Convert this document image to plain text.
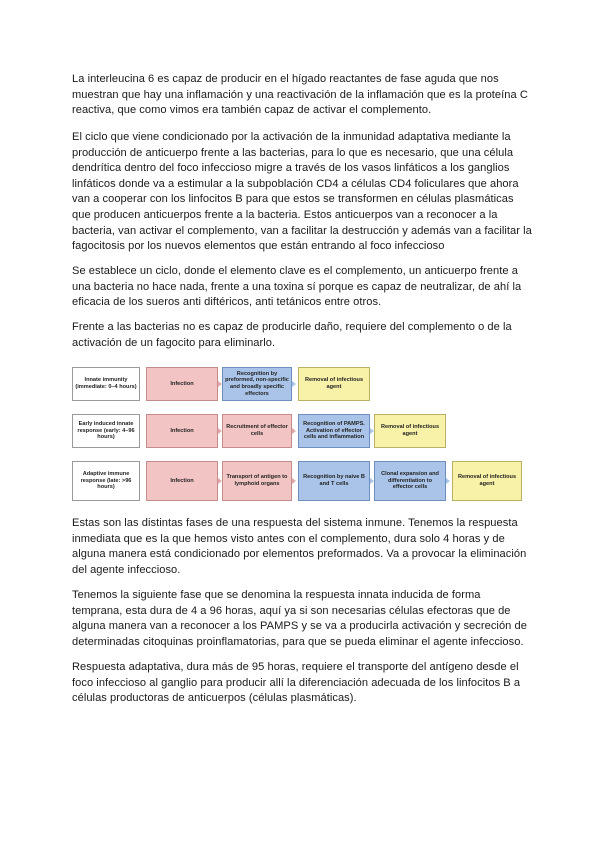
La interleucina 6 es capaz de producir en el hígado reactantes de fase aguda que nos muestran que hay una inflamación y una reactivación de la inflamación que es la proteína C reactiva, que como vimos era también capaz de activar el complemento.

El ciclo que viene condicionado por la activación de la inmunidad adaptativa mediante la producción de anticuerpo frente a las bacterias, para lo que es necesario, que una célula dendrítica dentro del foco infeccioso migre a través de los vasos linfáticos a los ganglios linfáticos donde va a estimular a la subpoblación CD4 a células CD4 foliculares que ahora van a cooperar con los linfocitos B para que estos se transformen en células plasmáticas que producen anticuerpos frente a la bacteria. Estos anticuerpos van a reconocer a la bacteria, van activar el complemento, van a facilitar la destrucción y además van a facilitar la fagocitosis por los nuevos elementos que están entrando al foco infeccioso

Se establece un ciclo, donde el elemento clave es el complemento, un anticuerpo frente a una bacteria no hace nada, frente a una toxina sí porque es capaz de neutralizar, de ahí la eficacia de los sueros anti diftéricos, anti tetánicos entre otros.

Frente a las bacterias no es capaz de producirle daño, requiere del complemento o de la activación de un fagocito para eliminarlo.

Innate immunity (immediate: 0–4 hours)
Infection
Recognition by preformed, non-specific and broadly specific effectors
Removal of infectious agent
Early induced innate response (early: 4–96 hours)
Infection
Recruitment of effector cells
Recognition of PAMPS. Activation of effector cells and inflammation
Removal of infectious agent
Adaptive immune response (late: >96 hours)
Infection
Transport of antigen to lymphoid organs
Recognition by naive B and T cells
Clonal expansion and differentiation to effector cells
Removal of infectious agent

Estas son las distintas fases de una respuesta del sistema inmune. Tenemos la respuesta inmediata que es la que hemos visto antes con el complemento, dura solo 4 horas y de alguna manera está condicionado por elementos preformados. Va a provocar la eliminación del agente infeccioso.

Tenemos la siguiente fase que se denomina la respuesta innata inducida de forma temprana, esta dura de 4 a 96 horas, aquí ya si son necesarias células efectoras que de alguna manera van a reconocer a los PAMPS y se va a producirla activación y secreción de determinadas citoquinas proinflamatorias, para que se pueda eliminar el agente infeccioso.

Respuesta adaptativa, dura más de 95 horas, requiere el transporte del antígeno desde el foco infeccioso al ganglio para producir allí la diferenciación adecuada de los linfocitos B a células productoras de anticuerpos (células plasmáticas).
